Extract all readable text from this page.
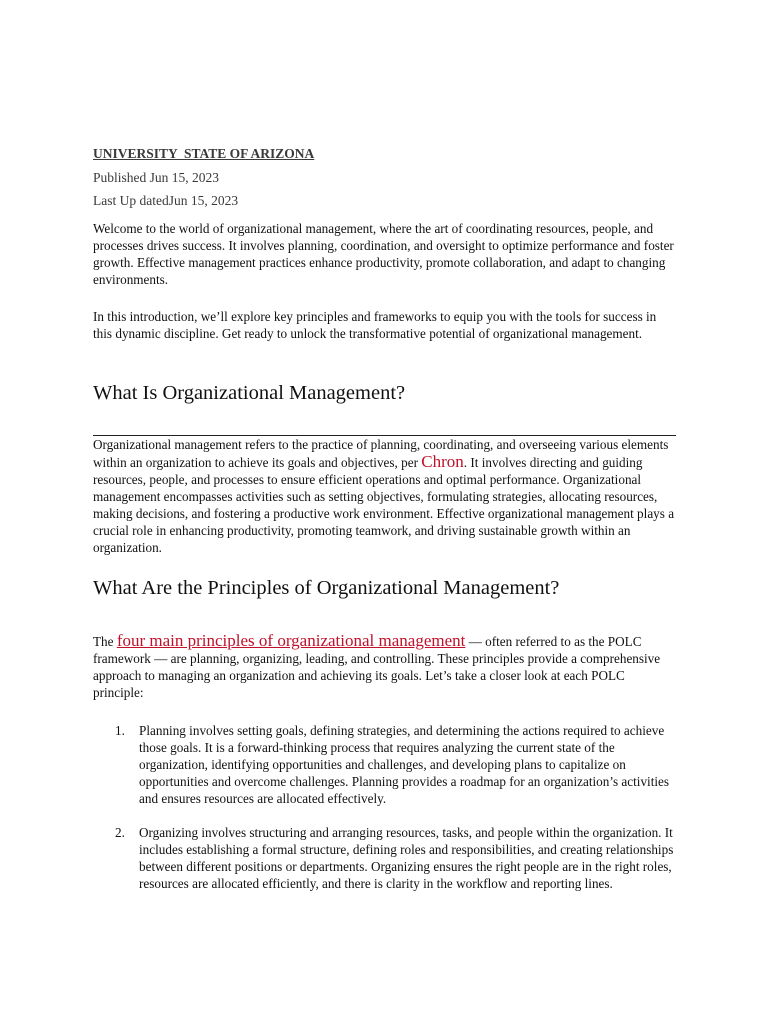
UNIVERSITY  STATE OF ARIZONA
Published Jun 15, 2023
Last Up datedJun 15, 2023

Welcome to the world of organizational management, where the art of coordinating resources, people, and processes drives success. It involves planning, coordination, and oversight to optimize performance and foster growth. Effective management practices enhance productivity, promote collaboration, and adapt to changing environments.

In this introduction, we’ll explore key principles and frameworks to equip you with the tools for success in this dynamic discipline. Get ready to unlock the transformative potential of organizational management.

What Is Organizational Management?

Organizational management refers to the practice of planning, coordinating, and overseeing various elements within an organization to achieve its goals and objectives, per Chron. It involves directing and guiding resources, people, and processes to ensure efficient operations and optimal performance. Organizational management encompasses activities such as setting objectives, formulating strategies, allocating resources, making decisions, and fostering a productive work environment. Effective organizational management plays a crucial role in enhancing productivity, promoting teamwork, and driving sustainable growth within an organization.

What Are the Principles of Organizational Management?

The four main principles of organizational management — often referred to as the POLC framework — are planning, organizing, leading, and controlling. These principles provide a comprehensive approach to managing an organization and achieving its goals. Let’s take a closer look at each POLC principle:

1. Planning involves setting goals, defining strategies, and determining the actions required to achieve those goals. It is a forward-thinking process that requires analyzing the current state of the organization, identifying opportunities and challenges, and developing plans to capitalize on opportunities and overcome challenges. Planning provides a roadmap for an organization’s activities and ensures resources are allocated effectively.
2. Organizing involves structuring and arranging resources, tasks, and people within the organization. It includes establishing a formal structure, defining roles and responsibilities, and creating relationships between different positions or departments. Organizing ensures the right people are in the right roles, resources are allocated efficiently, and there is clarity in the workflow and reporting lines.
